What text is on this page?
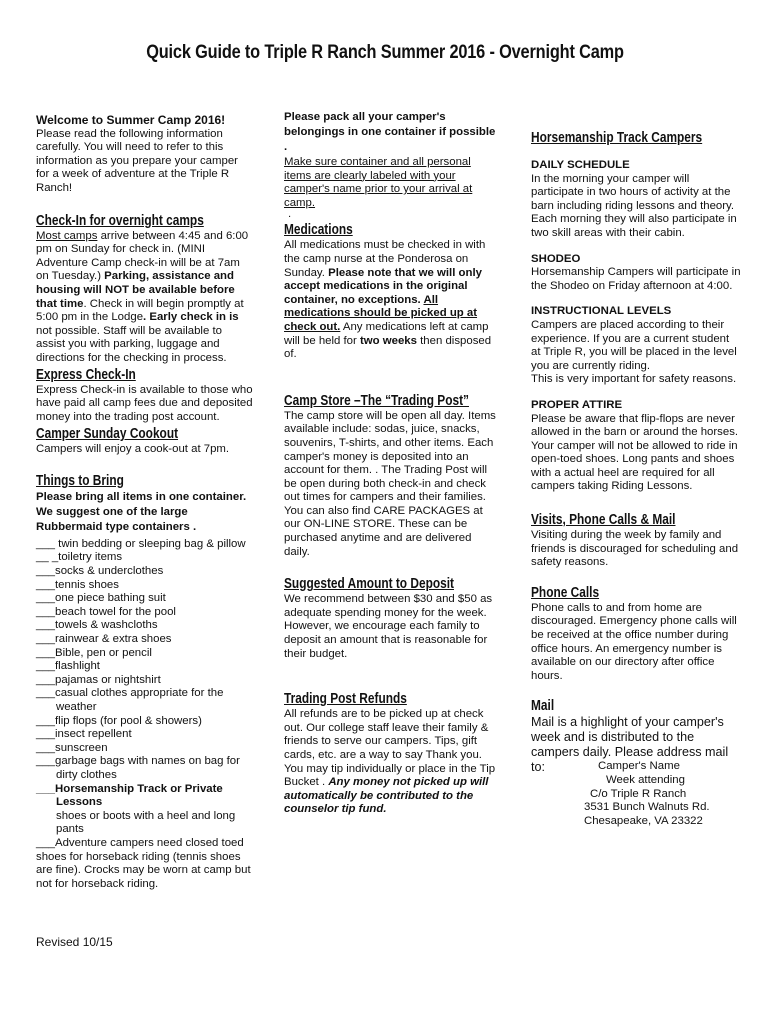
Quick Guide to Triple R Ranch Summer 2016 - Overnight Camp

Welcome to Summer Camp 2016!

Please read the following information carefully. You will need to refer to this information as you prepare your camper for a week of adventure at the Triple R Ranch!

Check-In for overnight camps

Most camps arrive between 4:45 and 6:00 pm on Sunday for check in. (MINI Adventure Camp check-in will be at 7am on Tuesday.) Parking, assistance and housing will NOT be available before that time. Check in will begin promptly at 5:00 pm in the Lodge. Early check in is not possible. Staff will be available to assist you with parking, luggage and directions for the checking in process.

Express Check-In

Express Check-in is available to those who have paid all camp fees due and deposited money into the trading post account.

Camper Sunday Cookout

Campers will enjoy a cook-out at 7pm.

Things to Bring

Please bring all items in one container. We suggest one of the large Rubbermaid type containers .

___ twin bedding or sleeping bag & pillow

__ _toiletry items

___socks & underclothes

___tennis shoes

___one piece bathing suit

___beach towel for the pool

___towels & washcloths

___rainwear & extra shoes

___Bible, pen or pencil

___flashlight

___pajamas or nightshirt

___casual clothes appropriate for the weather

___flip flops (for pool & showers)

___insect repellent

___sunscreen

___garbage bags with names on bag for dirty clothes

___Horsemanship Track or Private Lessons

shoes or boots with a heel and long pants

___Adventure campers need closed toed shoes for horseback riding (tennis shoes are fine). Crocks may be worn at camp but not for horseback riding.

Revised 10/15

Please pack all your camper's belongings in one container if possible .

Make sure container and all personal items are clearly labeled with your camper's name prior to your arrival at camp.

.

Medications

All medications must be checked in with the camp nurse at the Ponderosa on Sunday. Please note that we will only accept medications in the original container, no exceptions. All medications should be picked up at check out. Any medications left at camp will be held for two weeks then disposed of.

Camp Store –The “Trading Post”

The camp store will be open all day. Items available include: sodas, juice, snacks, souvenirs, T-shirts, and other items. Each camper's money is deposited into an account for them. . The Trading Post will be open during both check-in and check out times for campers and their families.

You can also find CARE PACKAGES at our ON-LINE STORE. These can be purchased anytime and are delivered daily.

Suggested Amount to Deposit

We recommend between $30 and $50 as adequate spending money for the week. However, we encourage each family to deposit an amount that is reasonable for their budget.

Trading Post Refunds

All refunds are to be picked up at check out. Our college staff leave their family & friends to serve our campers. Tips, gift cards, etc. are a way to say Thank you. You may tip individually or place in the Tip Bucket . Any money not picked up will automatically be contributed to the counselor tip fund.

Horsemanship Track Campers

DAILY SCHEDULE

In the morning your camper will participate in two hours of activity at the barn including riding lessons and theory. Each morning they will also participate in two skill areas with their cabin.

SHODEO

Horsemanship Campers will participate in the Shodeo on Friday afternoon at 4:00.

INSTRUCTIONAL LEVELS

Campers are placed according to their experience. If you are a current student at Triple R, you will be placed in the level you are currently riding.

This is very important for safety reasons.

PROPER ATTIRE

Please be aware that flip-flops are never allowed in the barn or around the horses. Your camper will not be allowed to ride in open-toed shoes. Long pants and shoes with a actual heel are required for all campers taking Riding Lessons.

Visits, Phone Calls & Mail

Visiting during the week by family and friends is discouraged for scheduling and safety reasons.

Phone Calls

Phone calls to and from home are discouraged. Emergency phone calls will be received at the office number during office hours. An emergency number is available on our directory after office hours.

Mail

Mail is a highlight of your camper's week and is distributed to the campers daily. Please address mail to:	Camper's Name
Week attending
C/o Triple R Ranch
3531 Bunch Walnuts Rd.
Chesapeake, VA 23322
